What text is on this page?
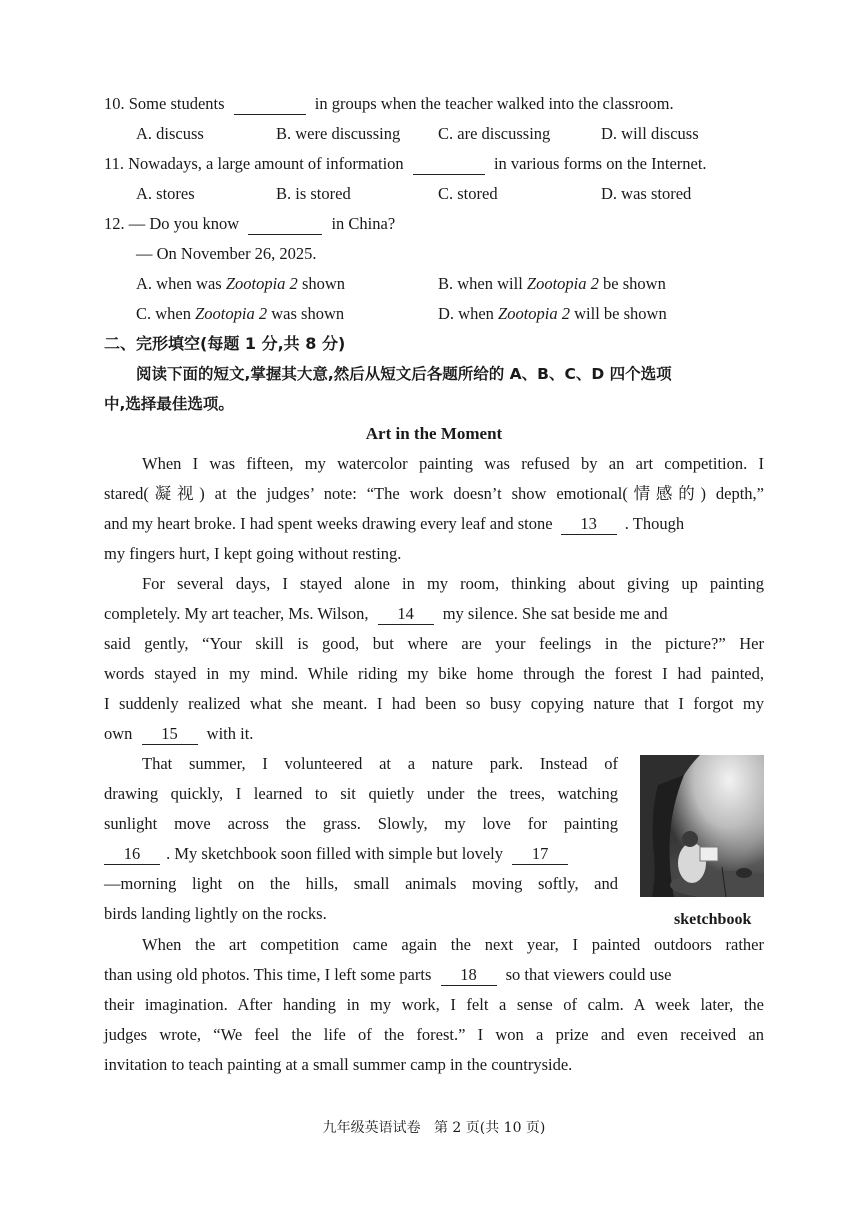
10. Some students	in groups when the teacher walked into the classroom.
A. discuss	B. were discussing C. are discussing	D. will discuss
11. Nowadays, a large amount of information	in various forms on the Internet.
A. stores	B. is stored	C. stored	D. was stored
12. — Do you know	in China?
— On November 26, 2025.
A. when was Zootopia 2 shown	B. when will Zootopia 2 be shown
C. when Zootopia 2 was shown	D. when Zootopia 2 will be shown
二、完形填空(每题 1 分,共 8 分)
阅读下面的短文,掌握其大意,然后从短文后各题所给的 A、B、C、D 四个选项
中,选择最佳选项。
Art in the Moment
When I was fifteen, my watercolor painting was refused by an art competition. I
stared(凝视) at the judges’ note: “The work doesn’t show emotional(情感的) depth,”
and my heart broke. I had spent weeks drawing every leaf and stone 13 . Though
my fingers hurt, I kept going without resting.
For several days, I stayed alone in my room, thinking about giving up painting
completely. My art teacher, Ms. Wilson, 14 my silence. She sat beside me and
said gently, “Your skill is good, but where are your feelings in the picture?” Her
words stayed in my mind. While riding my bike home through the forest I had painted,
I suddenly realized what she meant. I had been so busy copying nature that I forgot my
own 15 with it.
That summer, I volunteered at a nature park. Instead of
drawing quickly, I learned to sit quietly under the trees, watching
sunlight move across the grass. Slowly, my love for painting
16 . My sketchbook soon filled with simple but lovely 17
—morning light on the hills, small animals moving softly, and
birds landing lightly on the rocks.	sketchbook
When the art competition came again the next year, I painted outdoors rather
than using old photos. This time, I left some parts 18 so that viewers could use
their imagination. After handing in my work, I felt a sense of calm. A week later, the
judges wrote, “We feel the life of the forest.” I won a prize and even received an
invitation to teach painting at a small summer camp in the countryside.
九年级英语试卷   第 2 页(共 10 页)
